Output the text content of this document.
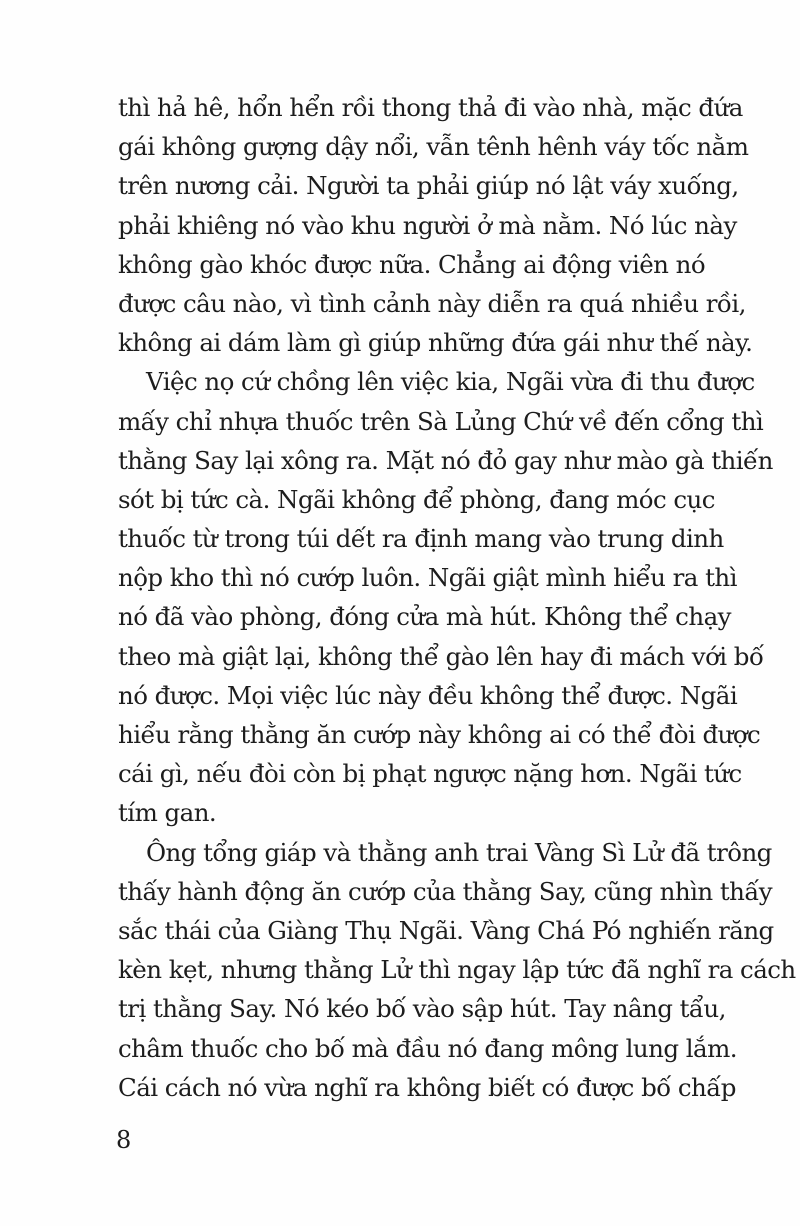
thì hả hê, hổn hển rồi thong thả đi vào nhà, mặc đứa
gái không gượng dậy nổi, vẫn tênh hênh váy tốc nằm
trên nương cải. Người ta phải giúp nó lật váy xuống,
phải khiêng nó vào khu người ở mà nằm. Nó lúc này
không gào khóc được nữa. Chẳng ai động viên nó
được câu nào, vì tình cảnh này diễn ra quá nhiều rồi,
không ai dám làm gì giúp những đứa gái như thế này.
Việc nọ cứ chồng lên việc kia, Ngãi vừa đi thu được
mấy chỉ nhựa thuốc trên Sà Lủng Chứ về đến cổng thì
thằng Say lại xông ra. Mặt nó đỏ gay như mào gà thiến
sót bị tức cà. Ngãi không để phòng, đang móc cục
thuốc từ trong túi dết ra định mang vào trung dinh
nộp kho thì nó cướp luôn. Ngãi giật mình hiểu ra thì
nó đã vào phòng, đóng cửa mà hút. Không thể chạy
theo mà giật lại, không thể gào lên hay đi mách với bố
nó được. Mọi việc lúc này đều không thể được. Ngãi
hiểu rằng thằng ăn cướp này không ai có thể đòi được
cái gì, nếu đòi còn bị phạt ngược nặng hơn. Ngãi tức
tím gan.
Ông tổng giáp và thằng anh trai Vàng Sì Lử đã trông
thấy hành động ăn cướp của thằng Say, cũng nhìn thấy
sắc thái của Giàng Thụ Ngãi. Vàng Chá Pó nghiến răng
kèn kẹt, nhưng thằng Lử thì ngay lập tức đã nghĩ ra cách
trị thằng Say. Nó kéo bố vào sập hút. Tay nâng tẩu,
châm thuốc cho bố mà đầu nó đang mông lung lắm.
Cái cách nó vừa nghĩ ra không biết có được bố chấp
8
